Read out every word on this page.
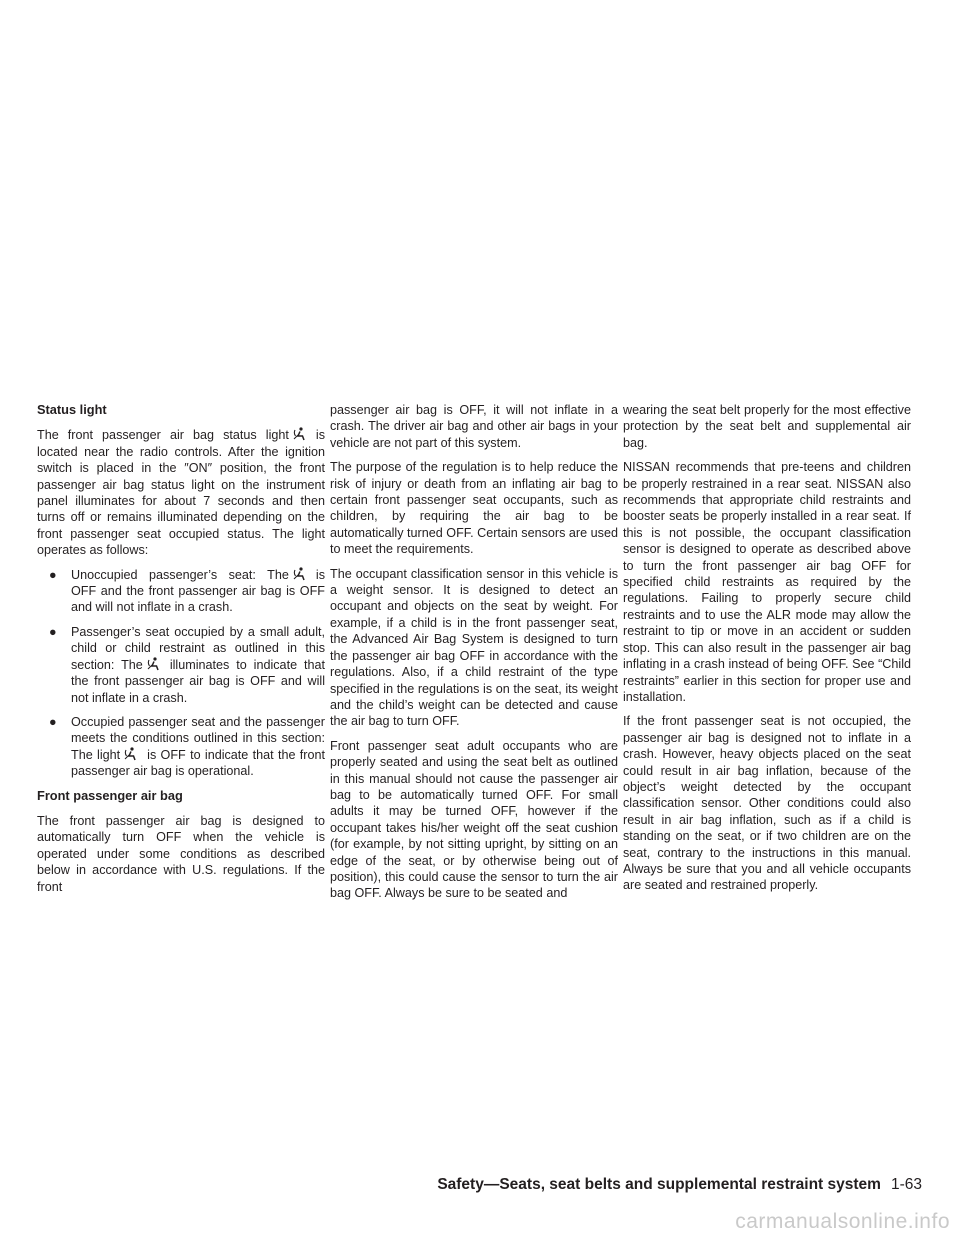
Status light

The front passenger air bag status light is located near the radio controls. After the ignition switch is placed in the ″ON″ position, the front passenger air bag status light on the instrument panel illuminates for about 7 seconds and then turns off or remains illuminated depending on the front passenger seat occupied status. The light operates as follows:

● Unoccupied passenger’s seat: The is OFF and the front passenger air bag is OFF and will not inflate in a crash.
● Passenger’s seat occupied by a small adult, child or child restraint as outlined in this section: The illuminates to indicate that the front passenger air bag is OFF and will not inflate in a crash.
● Occupied passenger seat and the passenger meets the conditions outlined in this section: The light is OFF to indicate that the front passenger air bag is operational.
Front passenger air bag

The front passenger air bag is designed to automatically turn OFF when the vehicle is operated under some conditions as described below in accordance with U.S. regulations. If the front

passenger air bag is OFF, it will not inflate in a crash. The driver air bag and other air bags in your vehicle are not part of this system.

The purpose of the regulation is to help reduce the risk of injury or death from an inflating air bag to certain front passenger seat occupants, such as children, by requiring the air bag to be automatically turned OFF. Certain sensors are used to meet the requirements.

The occupant classification sensor in this vehicle is a weight sensor. It is designed to detect an occupant and objects on the seat by weight. For example, if a child is in the front passenger seat, the Advanced Air Bag System is designed to turn the passenger air bag OFF in accordance with the regulations. Also, if a child restraint of the type specified in the regulations is on the seat, its weight and the child’s weight can be detected and cause the air bag to turn OFF.

Front passenger seat adult occupants who are properly seated and using the seat belt as outlined in this manual should not cause the passenger air bag to be automatically turned OFF. For small adults it may be turned OFF, however if the occupant takes his/her weight off the seat cushion (for example, by not sitting upright, by sitting on an edge of the seat, or by otherwise being out of position), this could cause the sensor to turn the air bag OFF. Always be sure to be seated and

wearing the seat belt properly for the most effective protection by the seat belt and supplemental air bag.

NISSAN recommends that pre-teens and children be properly restrained in a rear seat. NISSAN also recommends that appropriate child restraints and booster seats be properly installed in a rear seat. If this is not possible, the occupant classification sensor is designed to operate as described above to turn the front passenger air bag OFF for specified child restraints as required by the regulations. Failing to properly secure child restraints and to use the ALR mode may allow the restraint to tip or move in an accident or sudden stop. This can also result in the passenger air bag inflating in a crash instead of being OFF. See “Child restraints” earlier in this section for proper use and installation.

If the front passenger seat is not occupied, the passenger air bag is designed not to inflate in a crash. However, heavy objects placed on the seat could result in air bag inflation, because of the object’s weight detected by the occupant classification sensor. Other conditions could also result in air bag inflation, such as if a child is standing on the seat, or if two children are on the seat, contrary to the instructions in this manual. Always be sure that you and all vehicle occupants are seated and restrained properly.

Safety—Seats, seat belts and supplemental restraint system 1-63
carmanualsonline.info
